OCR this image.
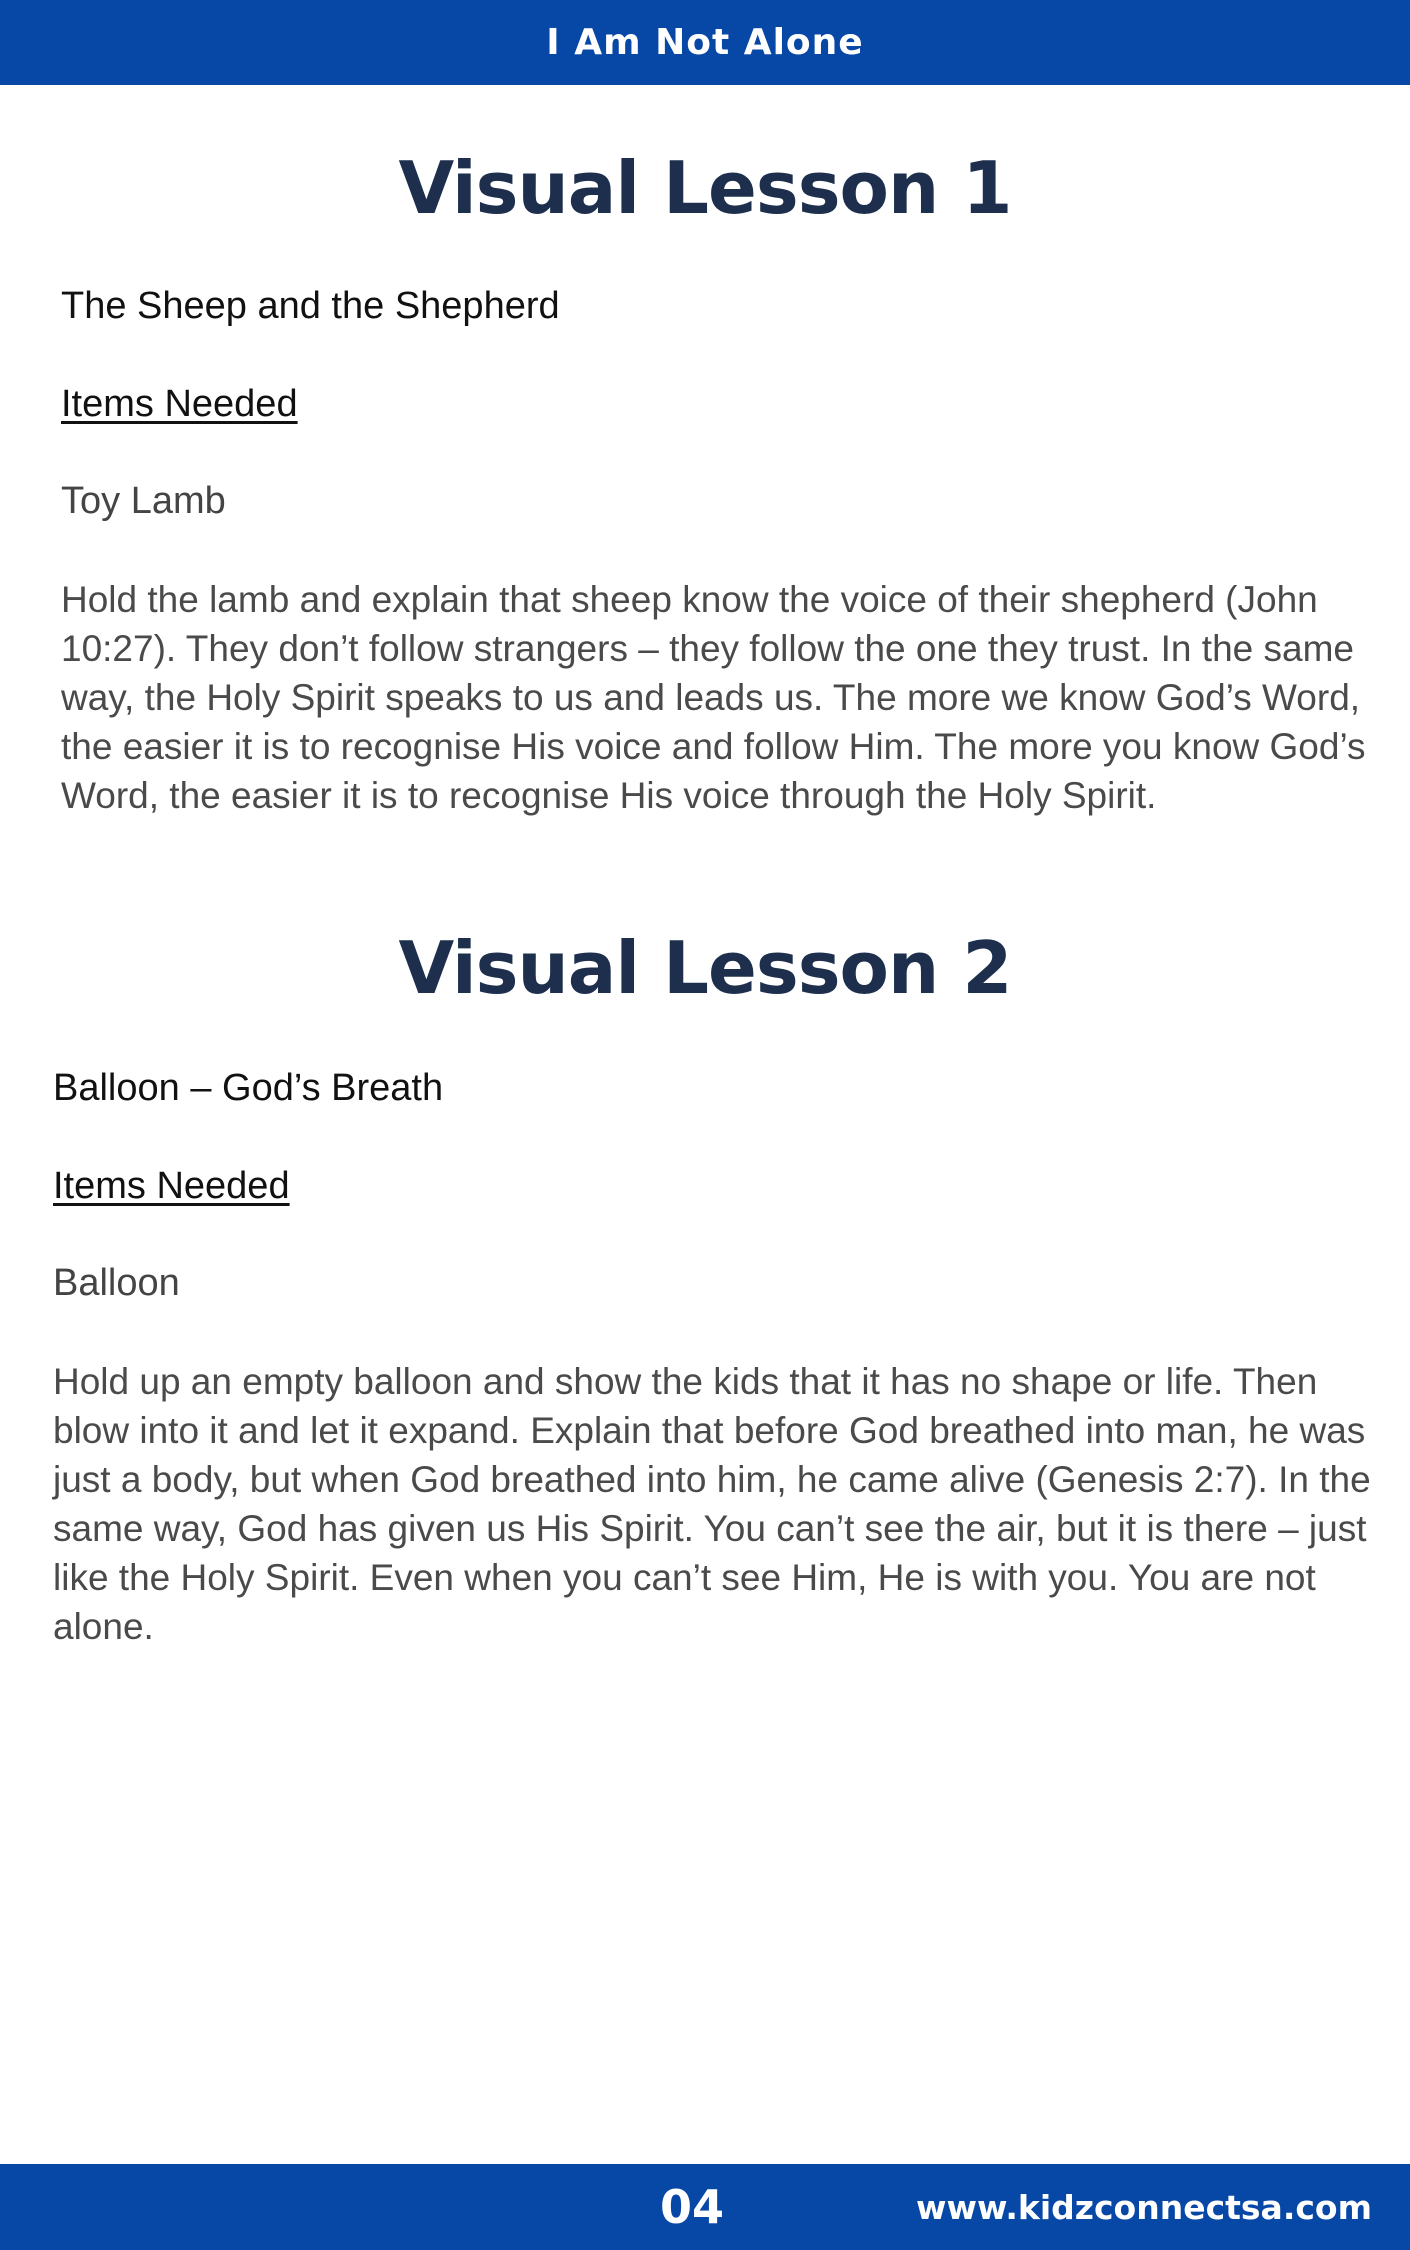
I Am Not Alone
Visual Lesson 1

The Sheep and the Shepherd

Items Needed

Toy Lamb

Hold the lamb and explain that sheep know the voice of their shepherd (John 10:27). They don’t follow strangers – they follow the one they trust. In the same way, the Holy Spirit speaks to us and leads us. The more we know God’s Word, the easier it is to recognise His voice and follow Him. The more you know God’s Word, the easier it is to recognise His voice through the Holy Spirit.

Visual Lesson 2

Balloon – God’s Breath

Items Needed

Balloon

Hold up an empty balloon and show the kids that it has no shape or life. Then blow into it and let it expand. Explain that before God breathed into man, he was just a body, but when God breathed into him, he came alive (Genesis 2:7). In the same way, God has given us His Spirit. You can’t see the air, but it is there – just like the Holy Spirit. Even when you can’t see Him, He is with you. You are not alone.

04	www.kidzconnectsa.com
